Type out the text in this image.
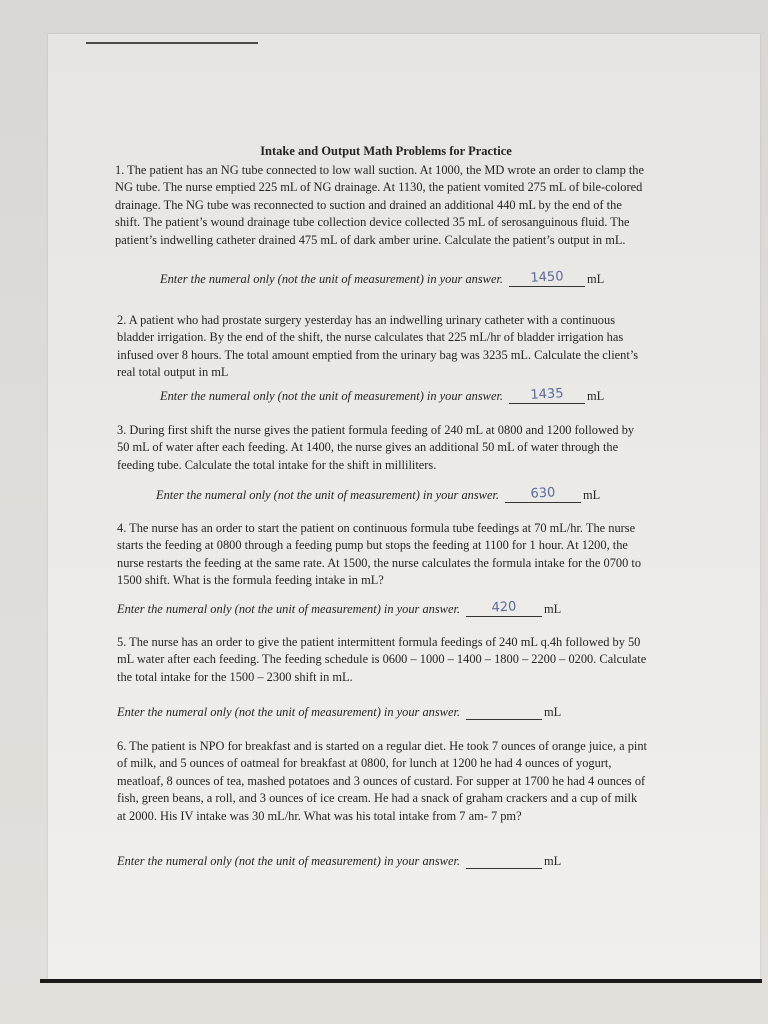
Intake and Output Math Problems for Practice

1. The patient has an NG tube connected to low wall suction. At 1000, the MD wrote an order to clamp the NG tube. The nurse emptied 225 mL of NG drainage. At 1130, the patient vomited 275 mL of bile-colored drainage. The NG tube was reconnected to suction and drained an additional 440 mL by the end of the shift. The patient’s wound drainage tube collection device collected 35 mL of serosanguinous fluid. The patient’s indwelling catheter drained 475 mL of dark amber urine. Calculate the patient’s output in mL.

Enter the numeral only (not the unit of measurement) in your answer.	1450	mL

2. A patient who had prostate surgery yesterday has an indwelling urinary catheter with a continuous bladder irrigation. By the end of the shift, the nurse calculates that 225 mL/hr of bladder irrigation has infused over 8 hours. The total amount emptied from the urinary bag was 3235 mL. Calculate the client’s real total output in mL

Enter the numeral only (not the unit of measurement) in your answer.	1435	mL

3. During first shift the nurse gives the patient formula feeding of 240 mL at 0800 and 1200 followed by 50 mL of water after each feeding. At 1400, the nurse gives an additional 50 mL of water through the feeding tube. Calculate the total intake for the shift in milliliters.

Enter the numeral only (not the unit of measurement) in your answer.	630	mL

4. The nurse has an order to start the patient on continuous formula tube feedings at 70 mL/hr. The nurse starts the feeding at 0800 through a feeding pump but stops the feeding at 1100 for 1 hour. At 1200, the nurse restarts the feeding at the same rate. At 1500, the nurse calculates the formula intake for the 0700 to 1500 shift. What is the formula feeding intake in mL?

Enter the numeral only (not the unit of measurement) in your answer.	420	mL

5. The nurse has an order to give the patient intermittent formula feedings of 240 mL q.4h followed by 50 mL water after each feeding. The feeding schedule is 0600 – 1000 – 1400 – 1800 – 2200 – 0200. Calculate the total intake for the 1500 – 2300 shift in mL.

Enter the numeral only (not the unit of measurement) in your answer.	mL

6. The patient is NPO for breakfast and is started on a regular diet. He took 7 ounces of orange juice, a pint of milk, and 5 ounces of oatmeal for breakfast at 0800, for lunch at 1200 he had 4 ounces of yogurt, meatloaf, 8 ounces of tea, mashed potatoes and 3 ounces of custard. For supper at 1700 he had 4 ounces of fish, green beans, a roll, and 3 ounces of ice cream. He had a snack of graham crackers and a cup of milk at 2000. His IV intake was 30 mL/hr. What was his total intake from 7 am- 7 pm?

Enter the numeral only (not the unit of measurement) in your answer.	mL
